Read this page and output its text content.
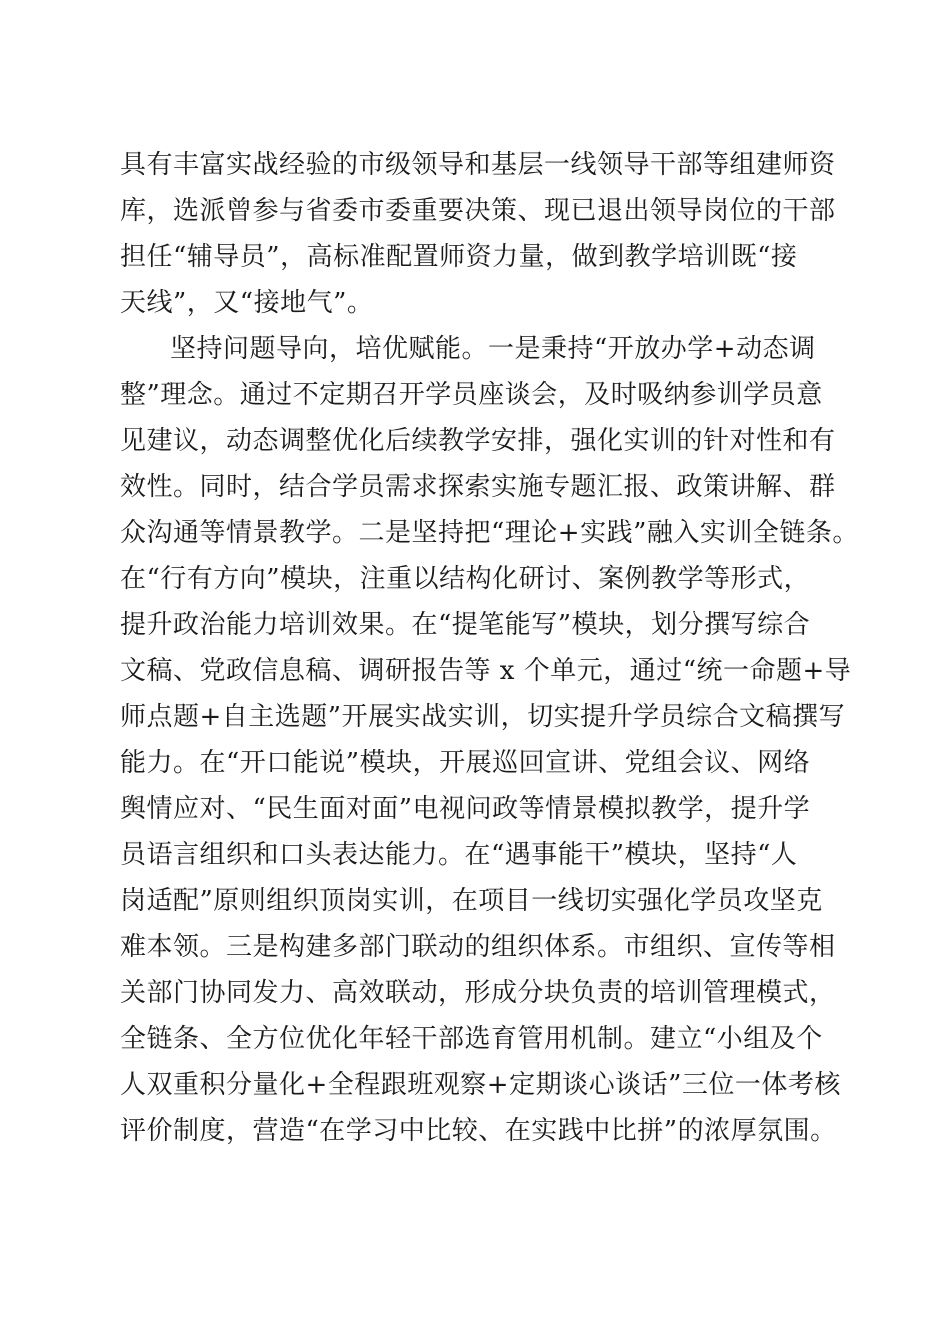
具有丰富实战经验的市级领导和基层一线领导干部等组建师资
库，选派曾参与省委市委重要决策、现已退出领导岗位的干部
担任“辅导员”，高标准配置师资力量，做到教学培训既“接
天线”，又“接地气”。
坚持问题导向，培优赋能。一是秉持“开放办学+动态调
整”理念。通过不定期召开学员座谈会，及时吸纳参训学员意
见建议，动态调整优化后续教学安排，强化实训的针对性和有
效性。同时，结合学员需求探索实施专题汇报、政策讲解、群
众沟通等情景教学。二是坚持把“理论+实践”融入实训全链条。
在“行有方向”模块，注重以结构化研讨、案例教学等形式，
提升政治能力培训效果。在“提笔能写”模块，划分撰写综合
文稿、党政信息稿、调研报告等 x 个单元，通过“统一命题+导
师点题+自主选题”开展实战实训，切实提升学员综合文稿撰写
能力。在“开口能说”模块，开展巡回宣讲、党组会议、网络
舆情应对、“民生面对面”电视问政等情景模拟教学，提升学
员语言组织和口头表达能力。在“遇事能干”模块，坚持“人
岗适配”原则组织顶岗实训，在项目一线切实强化学员攻坚克
难本领。三是构建多部门联动的组织体系。市组织、宣传等相
关部门协同发力、高效联动，形成分块负责的培训管理模式，
全链条、全方位优化年轻干部选育管用机制。建立“小组及个
人双重积分量化+全程跟班观察+定期谈心谈话”三位一体考核
评价制度，营造“在学习中比较、在实践中比拼”的浓厚氛围。
